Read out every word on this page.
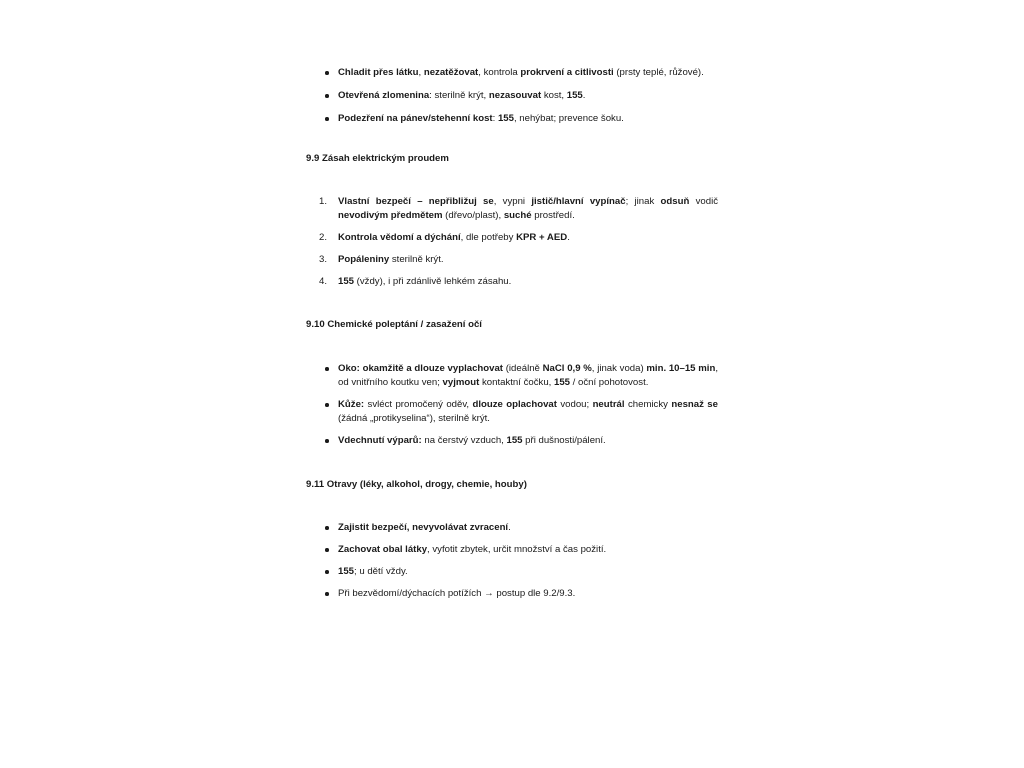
Chladit přes látku, nezatěžovat, kontrola prokrvení a citlivosti (prsty teplé, růžové).
Otevřená zlomenina: sterilně krýt, nezasouvat kost, 155.
Podezření na pánev/stehenní kost: 155, nehýbat; prevence šoku.
9.9 Zásah elektrickým proudem
1.	Vlastní bezpečí – nepřibližuj se, vypni jistič/hlavní vypínač; jinak odsuň vodič nevodivým předmětem (dřevo/plast), suché prostředí.
2.	Kontrola vědomí a dýchání, dle potřeby KPR + AED.
3.	Popáleniny sterilně krýt.
4.	155 (vždy), i při zdánlivě lehkém zásahu.
9.10 Chemické poleptání / zasažení očí
Oko: okamžitě a dlouze vyplachovat (ideálně NaCl 0,9 %, jinak voda) min. 10–15 min, od vnitřního koutku ven; vyjmout kontaktní čočku, 155 / oční pohotovost.
Kůže: svléct promočený oděv, dlouze oplachovat vodou; neutrál chemicky nesnaž se (žádná „protikyselina“), sterilně krýt.
Vdechnutí výparů: na čerstvý vzduch, 155 při dušnosti/pálení.
9.11 Otravy (léky, alkohol, drogy, chemie, houby)
Zajistit bezpečí, nevyvolávat zvracení.
Zachovat obal látky, vyfotit zbytek, určit množství a čas požití.
155; u dětí vždy.
Při bezvědomí/dýchacích potížích → postup dle 9.2/9.3.
